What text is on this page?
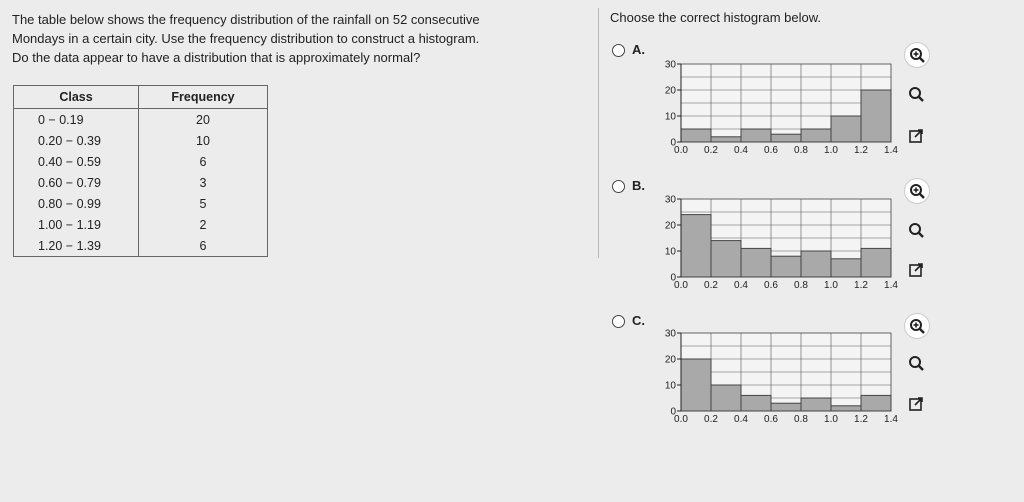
The table below shows the frequency distribution of the rainfall on 52 consecutive

Mondays in a certain city. Use the frequency distribution to construct a histogram.

Do the data appear to have a distribution that is approximately normal?

Class	Frequency
0 − 0.19	20
0.20 − 0.39	10
0.40 − 0.59	6
0.60 − 0.79	3
0.80 − 0.99	5
1.00 − 1.19	2
1.20 − 1.39	6
Choose the correct histogram below.
A.
0
10
20
30
0.0 0.2 0.4 0.6 0.8 1.0 1.2 1.4
B.
0
10
20
30
0.0 0.2 0.4 0.6 0.8 1.0 1.2 1.4
C.
0
10
20
30
0.0 0.2 0.4 0.6 0.8 1.0 1.2 1.4
